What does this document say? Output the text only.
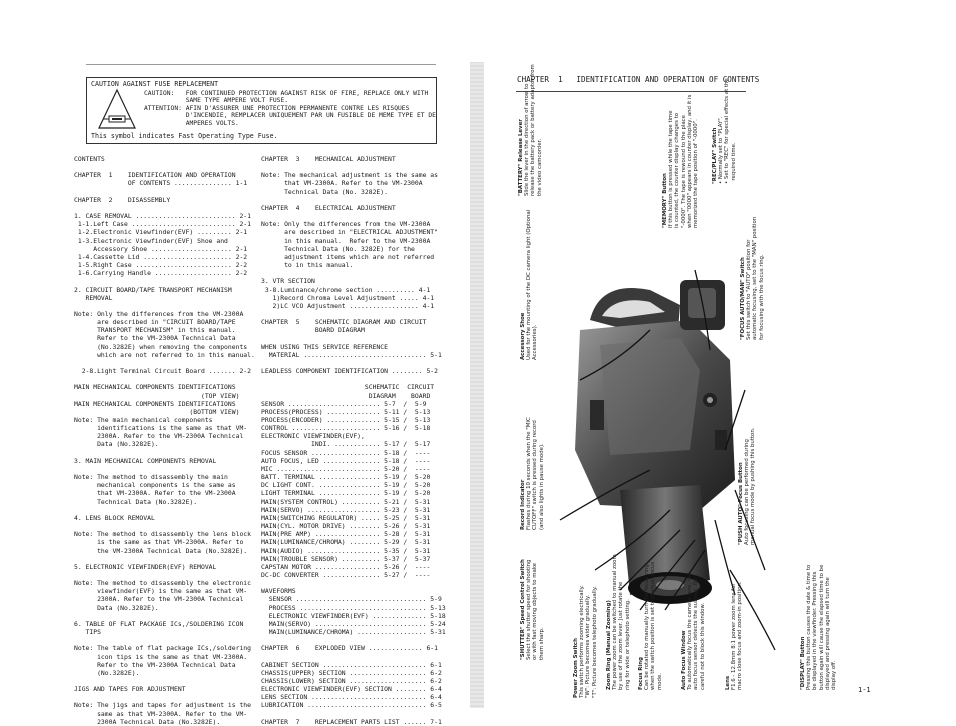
CAUTION AGAINST FUSE REPLACEMENT
CAUTION:   FOR CONTINUED PROTECTION AGAINST RISK OF FIRE, REPLACE ONLY WITH
SAME TYPE AMPERE VOLT FUSE.
ATTENTION: AFIN D'ASSURER UNE PROTECTION PERMANENTE CONTRE LES RISQUES
D'INCENDIE, REMPLACER UNIQUEMENT PAR UN FUSIBLE DE MEME TYPE ET DE
AMPERES VOLTS.
This symbol indicates Fast Operating Type Fuse.
CONTENTS

CHAPTER  1    IDENTIFICATION AND OPERATION
OF CONTENTS ............... 1-1

CHAPTER  2    DISASSEMBLY

1. CASE REMOVAL .......................... 2-1
1-1.Left Case ........................... 2-1
1-2.Electronic Viewfinder(EVF) ......... 2-1
1-3.Electronic Viewfinder(EVF) Shoe and
Accessory Shoe ..................... 2-1
1-4.Cassette Lid ....................... 2-2
1-5.Right Case ......................... 2-2
1-6.Carrying Handle .................... 2-2

2. CIRCUIT BOARD/TAPE TRANSPORT MECHANISM
REMOVAL

Note: Only the differences from the VM-2300A
are described in "CIRCUIT BOARD/TAPE
TRANSPORT MECHANISM" in this manual.
Refer to the VM-2300A Technical Data
(No.3282E) when removing the components
which are not referred to in this manual.

2-8.Light Terminal Circuit Board ....... 2-2

MAIN MECHANICAL COMPONENTS IDENTIFICATIONS
(TOP VIEW)
MAIN MECHANICAL COMPONENTS IDENTIFICATIONS
(BOTTOM VIEW)
Note: The main mechanical components
identifications is the same as that VM-
2300A. Refer to the VM-2300A Technical
Data (No.3282E).

3. MAIN MECHANICAL COMPONENTS REMOVAL

Note: The method to disassembly the main
mechanical components is the same as
that VM-2300A. Refer to the VM-2300A
Technical Data (No.3282E).

4. LENS BLOCK REMOVAL

Note: The method to disassembly the lens block
is the same as that VM-2300A. Refer to
the VM-2300A Technical Data (No.3282E).

5. ELECTRONIC VIEWFINDER(EVF) REMOVAL

Note: The method to disassembly the electronic
viewfinder(EVF) is the same as that VM-
2300A. Refer to the VM-2300A Technical
Data (No.3282E).

6. TABLE OF FLAT PACKAGE ICs,/SOLDERING ICON
TIPS

Note: The table of flat package ICs,/soldering
icon tips is the same as that VM-2300A.
Refer to the VM-2300A Technical Data
(No.3282E).

JIGS AND TAPES FOR ADJUSTMENT

Note: The jigs and tapes for adjustment is the
same as that VM-2300A. Refer to the VM-
2300A Technical Data (No.3282E).
CHAPTER  3    MECHANICAL ADJUSTMENT

Note: The mechanical adjustment is the same as
that VM-2300A. Refer to the VM-2300A
Technical Data (No. 3282E).

CHAPTER  4    ELECTRICAL ADJUSTMENT

Note: Only the differences from the VM-2300A
are described in "ELECTRICAL ADJUSTMENT"
in this manual.  Refer to the VM-2300A
Technical Data (No. 3282E) for the
adjustment items which are not referred
to in this manual.

3. VTR SECTION
3-8.Luminance/chrome section .......... 4-1
1)Record Chroma Level Adjustment ..... 4-1
2)LC VCO Adjustment .................. 4-1

CHAPTER  5    SCHEMATIC DIAGRAM AND CIRCUIT
BOARD DIAGRAM

WHEN USING THIS SERVICE REFERENCE
MATERIAL ................................ 5-1

LEADLESS COMPONENT IDENTIFICATION ........ 5-2

SCHEMATIC  CIRCUIT
DIAGRAM    BOARD
SENSOR ........................ 5-7  /  5-9
PROCESS(PROCESS) .............. 5-11 /  5-13
PROCESS(ENCODER) .............. 5-15 /  5-13
CONTROL ....................... 5-16 /  5-18
ELECTRONIC VIEWFINDER(EVF),
INDI. ............ 5-17 /  5-17
FOCUS SENSOR .................. 5-18 /  ----
AUTO FOCUS, LED ............... 5-18 /  ----
MIC ........................... 5-20 /  ----
BATT. TERMINAL ................ 5-19 /  5-20
DC LIGHT CONT. ................ 5-19 /  5-20
LIGHT TERMINAL ................ 5-19 /  5-20
MAIN(SYSTEM CONTROL) .......... 5-21 /  5-31
MAIN(SERVO) ................... 5-23 /  5-31
MAIN(SWITCHING REGULATOR) ..... 5-25 /  5-31
MAIN(CYL. MOTOR DRIVE) ........ 5-26 /  5-31
MAIN(PRE AMP) ................. 5-28 /  5-31
MAIN(LUMINANCE/CHROMA) ........ 5-29 /  5-31
MAIN(AUDIO) ................... 5-35 /  5-31
MAIN(TROUBLE SENSOR) .......... 5-37 /  5-37
CAPSTAN MOTOR ................. 5-26 /  ----
DC-DC CONVERTER ............... 5-27 /  ----

WAVEFORMS
SENSOR .................................. 5-9
PROCESS ................................. 5-13
ELECTRONIC VIEWFINDER(EVF) .............. 5-18
MAIN(SERVO) ............................. 5-24
MAIN(LUMINANCE/CHROMA) .................. 5-31

CHAPTER  6    EXPLODED VIEW .............. 6-1

CABINET SECTION ........................... 6-1
CHASSIS(UPPER) SECTION .................... 6-2
CHASSIS(LOWER) SECTION .................... 6-2
ELECTRONIC VIEWFINDER(EVF) SECTION ........ 6-4
LENS SECTION .............................. 6-4
LUBRICATION ............................... 6-5

CHAPTER  7    REPLACEMENT PARTS LIST ...... 7-1
CHAPTER  1   IDENTIFICATION AND OPERATION OF CONTENTS
"MEMORY" Button
If this button is pressed while the tape time
is counted, the counter display changes to
"-0000". The tape is rewound to the place
when "0000" appears in counter display, and it is
memorized the tape position of "-0000".
"BATTERY" Release Lever
Slide the lever in the direction of arrow to
release the battery pack or battery adaptor from
the video camcorder.	"REC/PLAY" Switch
• Normally set to "PLAY".
• Set to "REC" for special effects at the
required time.
"FOCUS AUTO/MAN" Switch
Set this switch to "AUTO" position for
automatic focusing, set to the "MAN" position
for focusing with the focus ring.
Accessory Shoe
Used for the mounting of the DC camera light (Optional
Accessories).
"PUSH AUTO" Focus Button
Auto focusing can be performed during
manual focus mode by pushing this button.
Record Indicator
Flashes during 10 seconds when the "MIC
CUTOFF" switch is pressed during record
(and also lights in pause mode).
"SHUTTER" Speed Control Switch
Select the shutter speed for shooting
or with fast moving objects to make
them sharp.
Power Zoom Switch
This switch performs zooming electrically.
"W": Picture becomes wider gradually.
"T": Picture becomes telephoto gradually.
Zoom Ring (Manual Zooming)
The power zoom can be switched to manual zoom
by use of the zoom lever. Just rotate the
ring for wide or telephoto setting.
Focus Ring
Can be rotated to manually turn the focus ring
when the switch position is set to manual focus
mode.	Auto Focus Window
To automatically focus the camera lens, the
auto focus sensor detects the subject. Be
careful not to block this window.
Lens
F1.6 - 12.8mm 8:1 power zoom lens for
macro close focus and zoom-in position.
"DISPLAY" Button
Pressing this button causes the date & time to
be displayed in the viewfinder. Pressing this
button again will cause the elapsed time to be
displayed and pressing again will turn the
display off.
1-1
